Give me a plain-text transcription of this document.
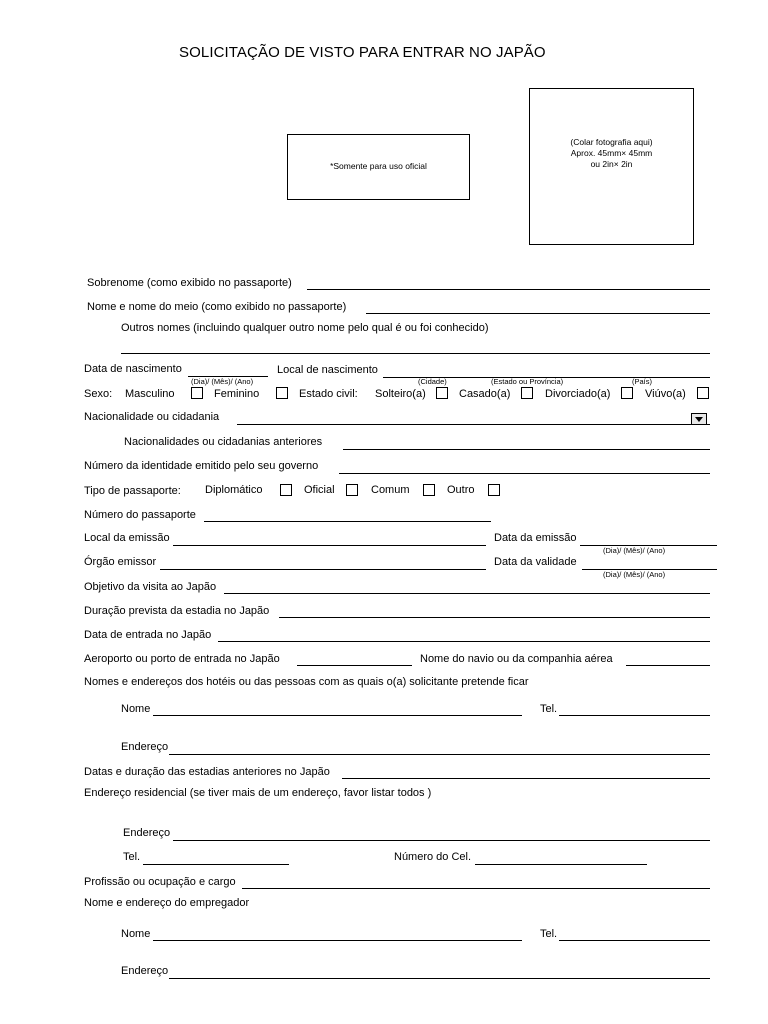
SOLICITAÇÃO DE VISTO PARA ENTRAR NO JAPÃO
*Somente para uso oficial
(Colar fotografia aqui)
Aprox. 45mm× 45mm
ou 2in× 2in
Sobrenome (como exibido no passaporte)
Nome e nome do meio (como exibido no passaporte)
Outros nomes (incluindo qualquer outro nome pelo qual é ou foi conhecido)
Data de nascimento	Local de nascimento
(Dia)/ (Mês)/ (Ano)	(Cidade)	(Estado ou Província)	(País)
Sexo: Masculino	Feminino	Estado civil: Solteiro(a)	Casado(a)	Divorciado(a)	Viúvo(a)
Nacionalidade ou cidadania
Nacionalidades ou cidadanias anteriores
Número da identidade emitido pelo seu governo
Tipo de passaporte: Diplomático	Oficial	Comum	Outro
Número do passaporte
Local da emissão	Data da emissão
(Dia)/ (Mês)/ (Ano)
Órgão emissor	Data da validade
(Dia)/ (Mês)/ (Ano)
Objetivo da visita ao Japão
Duração prevista da estadia no Japão
Data de entrada no Japão
Aeroporto ou porto de entrada no Japão	Nome do navio ou da companhia aérea
Nomes e endereços dos hotéis ou das pessoas com as quais o(a) solicitante pretende ficar
Nome	Tel.
Endereço
Datas e duração das estadias anteriores no Japão
Endereço residencial (se tiver mais de um endereço, favor listar todos )
Endereço
Tel.	Número do Cel.
Profissão ou ocupação e cargo
Nome e endereço do empregador
Nome	Tel.
Endereço
